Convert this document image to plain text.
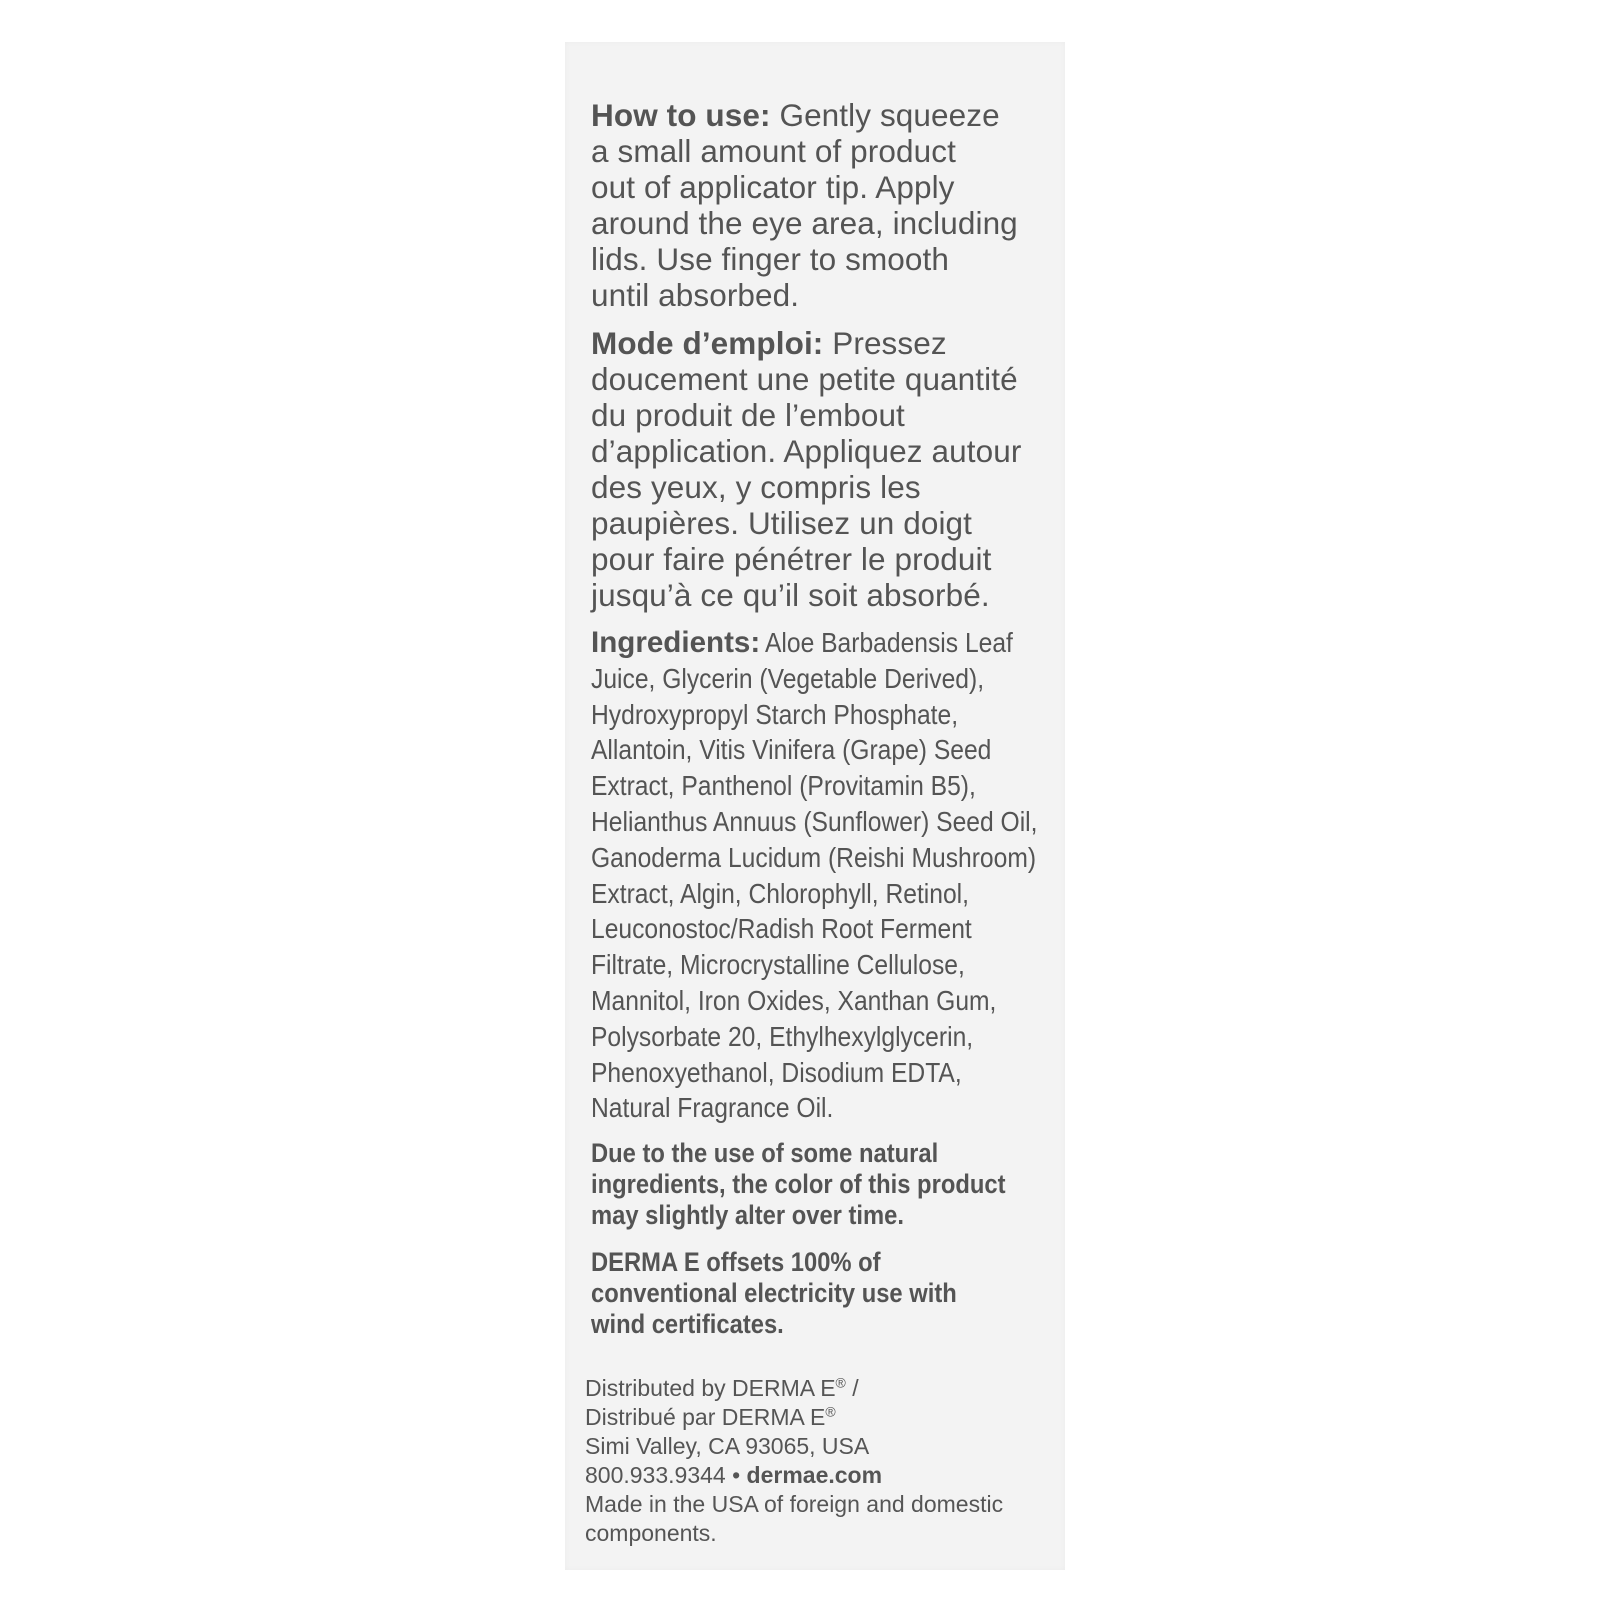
How to use: Gently squeeze
a small amount of product
out of applicator tip. Apply
around the eye area, including
lids. Use finger to smooth
until absorbed.

Mode d’emploi: Pressez
doucement une petite quantité
du produit de l’embout
d’application. Appliquez autour
des yeux, y compris les
paupières. Utilisez un doigt
pour faire pénétrer le produit
jusqu’à ce qu’il soit absorbé.

Ingredients: Aloe Barbadensis Leaf
Juice, Glycerin (Vegetable Derived),
Hydroxypropyl Starch Phosphate,
Allantoin, Vitis Vinifera (Grape) Seed
Extract, Panthenol (Provitamin B5),
Helianthus Annuus (Sunflower) Seed Oil,
Ganoderma Lucidum (Reishi Mushroom)
Extract, Algin, Chlorophyll, Retinol,
Leuconostoc/Radish Root Ferment
Filtrate, Microcrystalline Cellulose,
Mannitol, Iron Oxides, Xanthan Gum,
Polysorbate 20, Ethylhexylglycerin,
Phenoxyethanol, Disodium EDTA,
Natural Fragrance Oil.

Due to the use of some natural
ingredients, the color of this product
may slightly alter over time.

DERMA E offsets 100% of
conventional electricity use with
wind certificates.

Distributed by DERMA E® /
Distribué par DERMA E®
Simi Valley, CA 93065, USA
800.933.9344 • dermae.com
Made in the USA of foreign and domestic
components.
